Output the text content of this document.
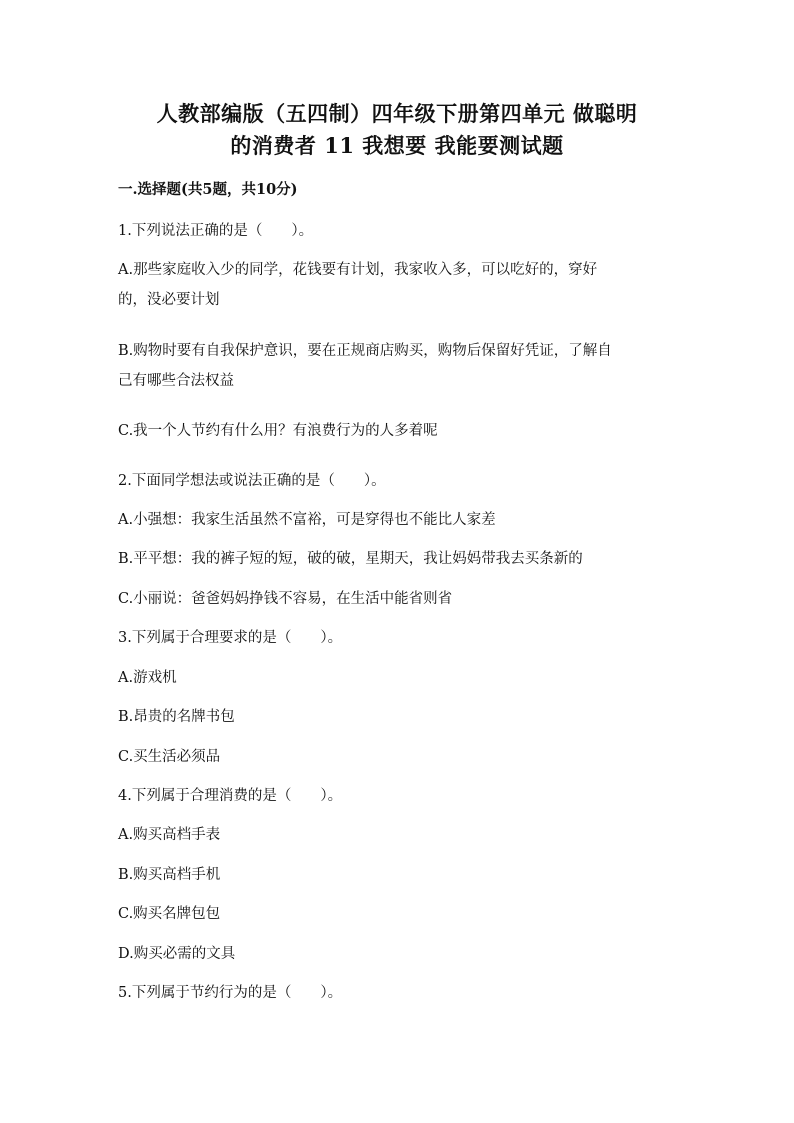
人教部编版（五四制）四年级下册第四单元 做聪明
的消费者 11 我想要 我能要测试题
一.选择题(共5题，共10分)
1.下列说法正确的是（　　）。
A.那些家庭收入少的同学，花钱要有计划，我家收入多，可以吃好的，穿好
的，没必要计划
B.购物时要有自我保护意识，要在正规商店购买，购物后保留好凭证，了解自
己有哪些合法权益
C.我一个人节约有什么用？有浪费行为的人多着呢
2.下面同学想法或说法正确的是（　　）。
A.小强想：我家生活虽然不富裕，可是穿得也不能比人家差
B.平平想：我的裤子短的短，破的破，星期天，我让妈妈带我去买条新的
C.小丽说：爸爸妈妈挣钱不容易，在生活中能省则省
3.下列属于合理要求的是（　　）。
A.游戏机
B.昂贵的名牌书包
C.买生活必须品
4.下列属于合理消费的是（　　）。
A.购买高档手表
B.购买高档手机
C.购买名牌包包
D.购买必需的文具
5.下列属于节约行为的是（　　）。
